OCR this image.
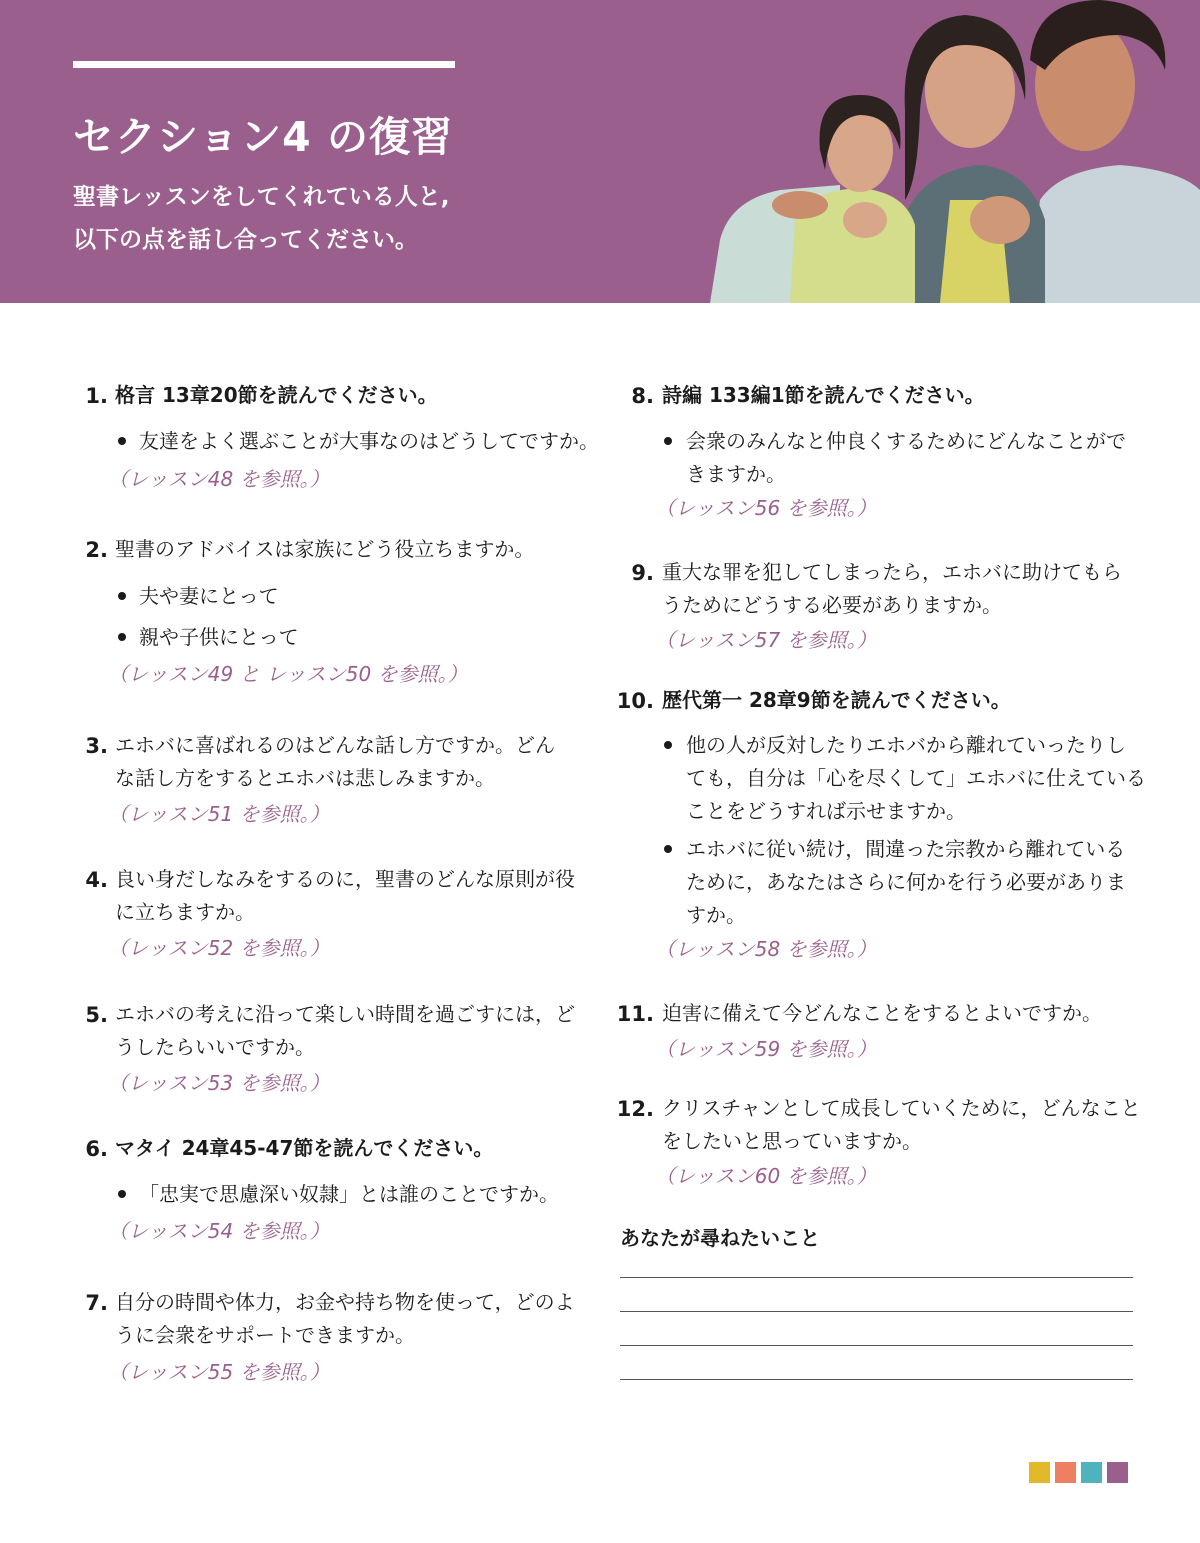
セクション4 の復習
聖書レッスンをしてくれている人と,
以下の点を話し合ってください。
1. 格言 13章20節を読んでください。
友達をよく選ぶことが大事なのはどうしてですか。
（レッスン48 を参照。）
2. 聖書のアドバイスは家族にどう役立ちますか。
夫や妻にとって
親や子供にとって
（レッスン49 と レッスン50 を参照。）
3. エホバに喜ばれるのはどんな話し方ですか。どん
な話し方をするとエホバは悲しみますか。
（レッスン51 を参照。）
4. 良い身だしなみをするのに，聖書のどんな原則が役
に立ちますか。
（レッスン52 を参照。）
5. エホバの考えに沿って楽しい時間を過ごすには，ど
うしたらいいですか。
（レッスン53 を参照。）
6. マタイ 24章45-47節を読んでください。
「忠実で思慮深い奴隷」とは誰のことですか。
（レッスン54 を参照。）
7. 自分の時間や体力，お金や持ち物を使って，どのよ
うに会衆をサポートできますか。
（レッスン55 を参照。）
8. 詩編 133編1節を読んでください。
会衆のみんなと仲良くするためにどんなことがで
きますか。
（レッスン56 を参照。）
9. 重大な罪を犯してしまったら，エホバに助けてもら
うためにどうする必要がありますか。
（レッスン57 を参照。）
10. 歴代第一 28章9節を読んでください。
他の人が反対したりエホバから離れていったりし
ても，自分は「心を尽くして」エホバに仕えている
ことをどうすれば示せますか。
エホバに従い続け，間違った宗教から離れている
ために，あなたはさらに何かを行う必要がありま
すか。
（レッスン58 を参照。）
11. 迫害に備えて今どんなことをするとよいですか。
（レッスン59 を参照。）
12. クリスチャンとして成長していくために，どんなこと
をしたいと思っていますか。
（レッスン60 を参照。）
あなたが尋ねたいこと
